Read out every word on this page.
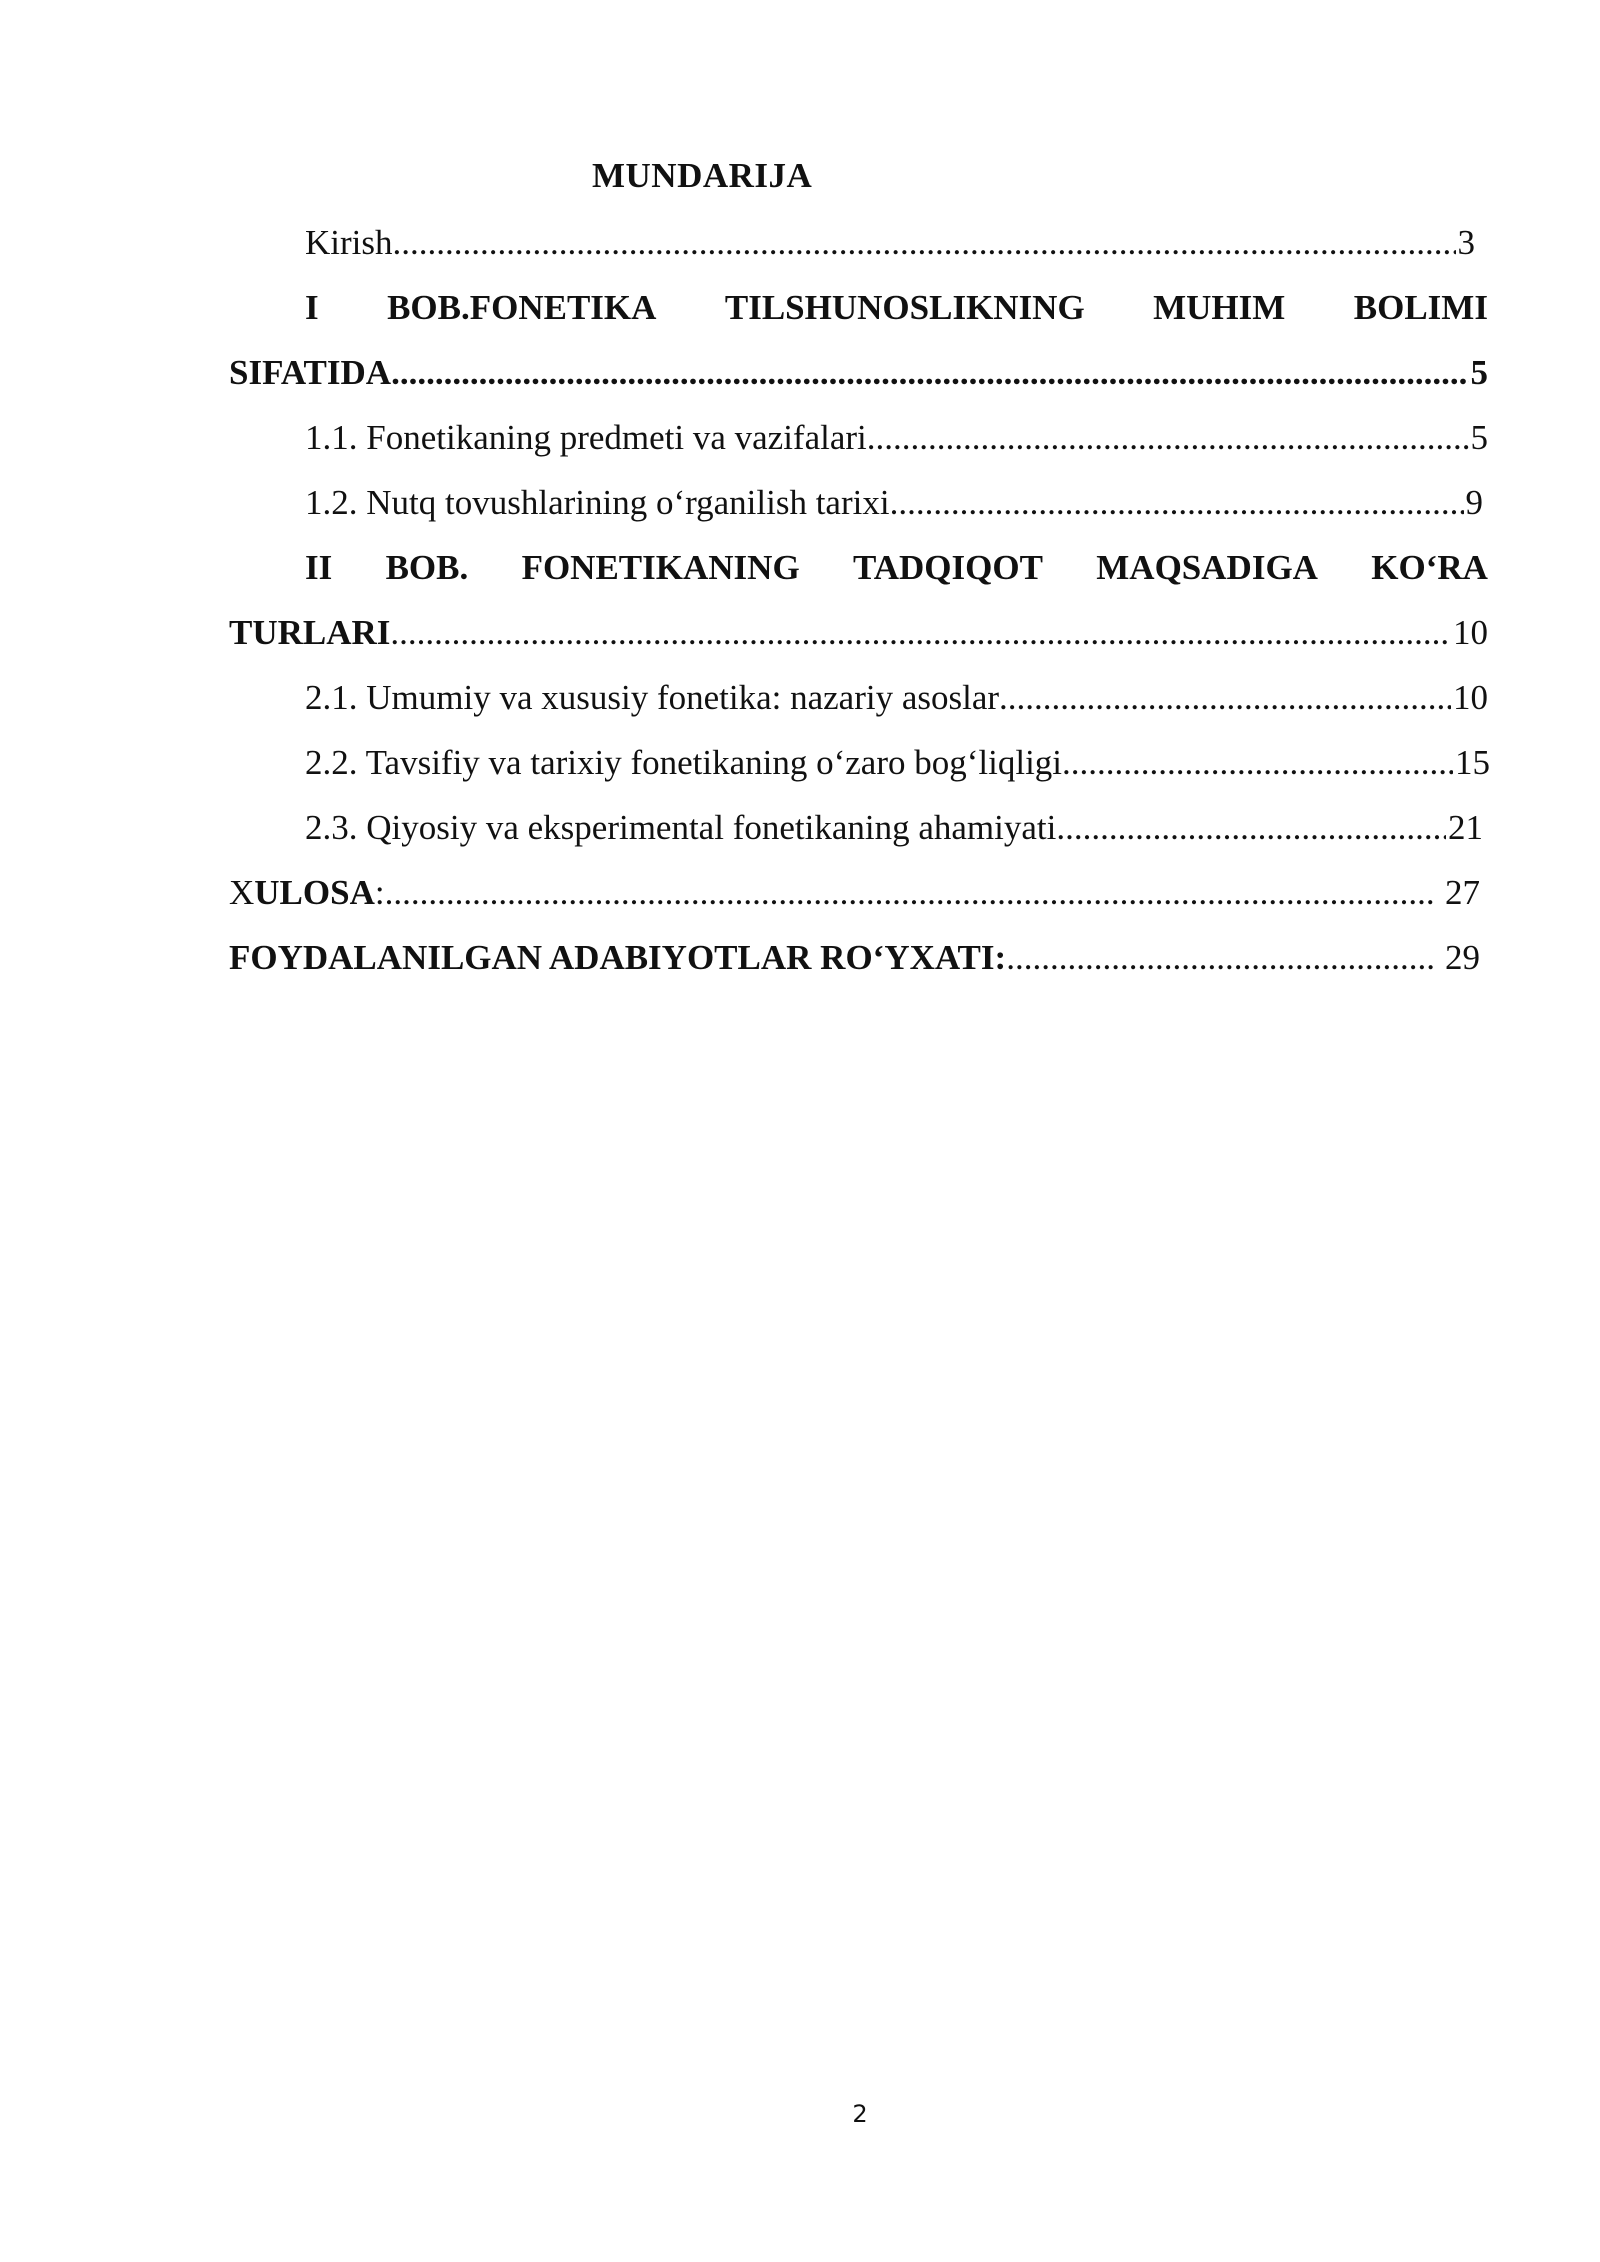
MUNDARIJA
Kirish .....	3
I BOB.FONETIKA TILSHUNOSLIKNING MUHIM BOLIMI
SIFATIDA .....	5
1.1. Fonetikaning predmeti va vazifalari .....	5
1.2. Nutq tovushlarining o‘rganilish tarixi .....	9
II BOB. FONETIKANING TADQIQOT MAQSADIGA KO‘RA
TURLARI .....	10
2.1. Umumiy va xususiy fonetika: nazariy asoslar .....	10
2.2. Tavsifiy va tarixiy fonetikaning o‘zaro bog‘liqligi .....	15
2.3. Qiyosiy va eksperimental fonetikaning ahamiyati .....	21
XULOSA: .....	27
FOYDALANILGAN ADABIYOTLAR RO‘YXATI: .....	29
2
